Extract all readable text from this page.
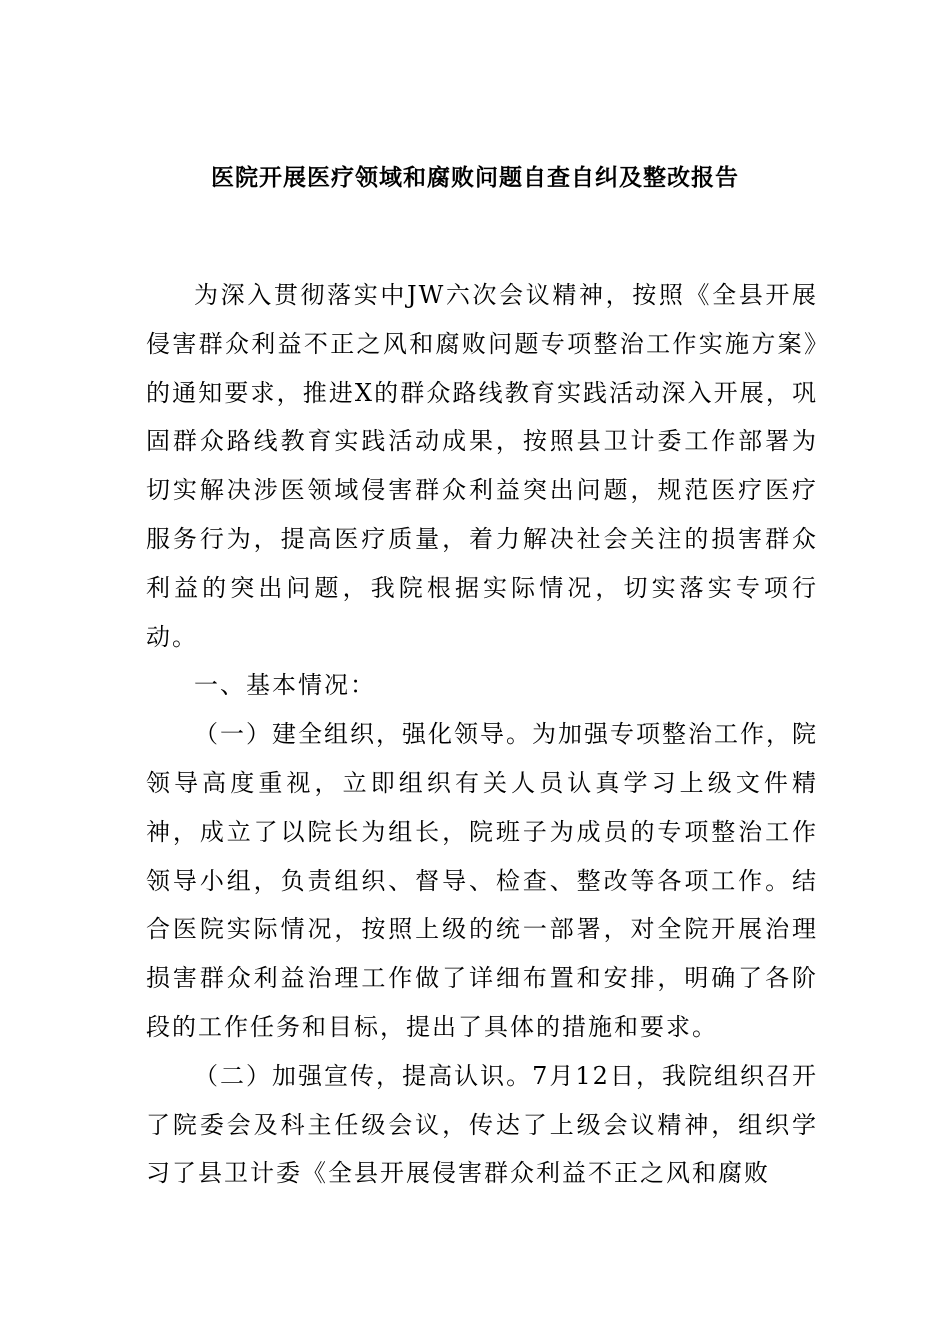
医院开展医疗领域和腐败问题自查自纠及整改报告

为深入贯彻落实中JW六次会议精神，按照《全县开展侵害群众利益不正之风和腐败问题专项整治工作实施方案》的通知要求，推进X的群众路线教育实践活动深入开展，巩固群众路线教育实践活动成果，按照县卫计委工作部署为切实解决涉医领域侵害群众利益突出问题，规范医疗医疗服务行为，提高医疗质量，着力解决社会关注的损害群众利益的突出问题，我院根据实际情况，切实落实专项行动。

一、基本情况：

（一）建全组织，强化领导。为加强专项整治工作，院领导高度重视，立即组织有关人员认真学习上级文件精神，成立了以院长为组长，院班子为成员的专项整治工作领导小组，负责组织、督导、检查、整改等各项工作。结合医院实际情况，按照上级的统一部署，对全院开展治理损害群众利益治理工作做了详细布置和安排，明确了各阶段的工作任务和目标，提出了具体的措施和要求。

（二）加强宣传，提高认识。7月12日，我院组织召开了院委会及科主任级会议，传达了上级会议精神，组织学习了县卫计委《全县开展侵害群众利益不正之风和腐败
